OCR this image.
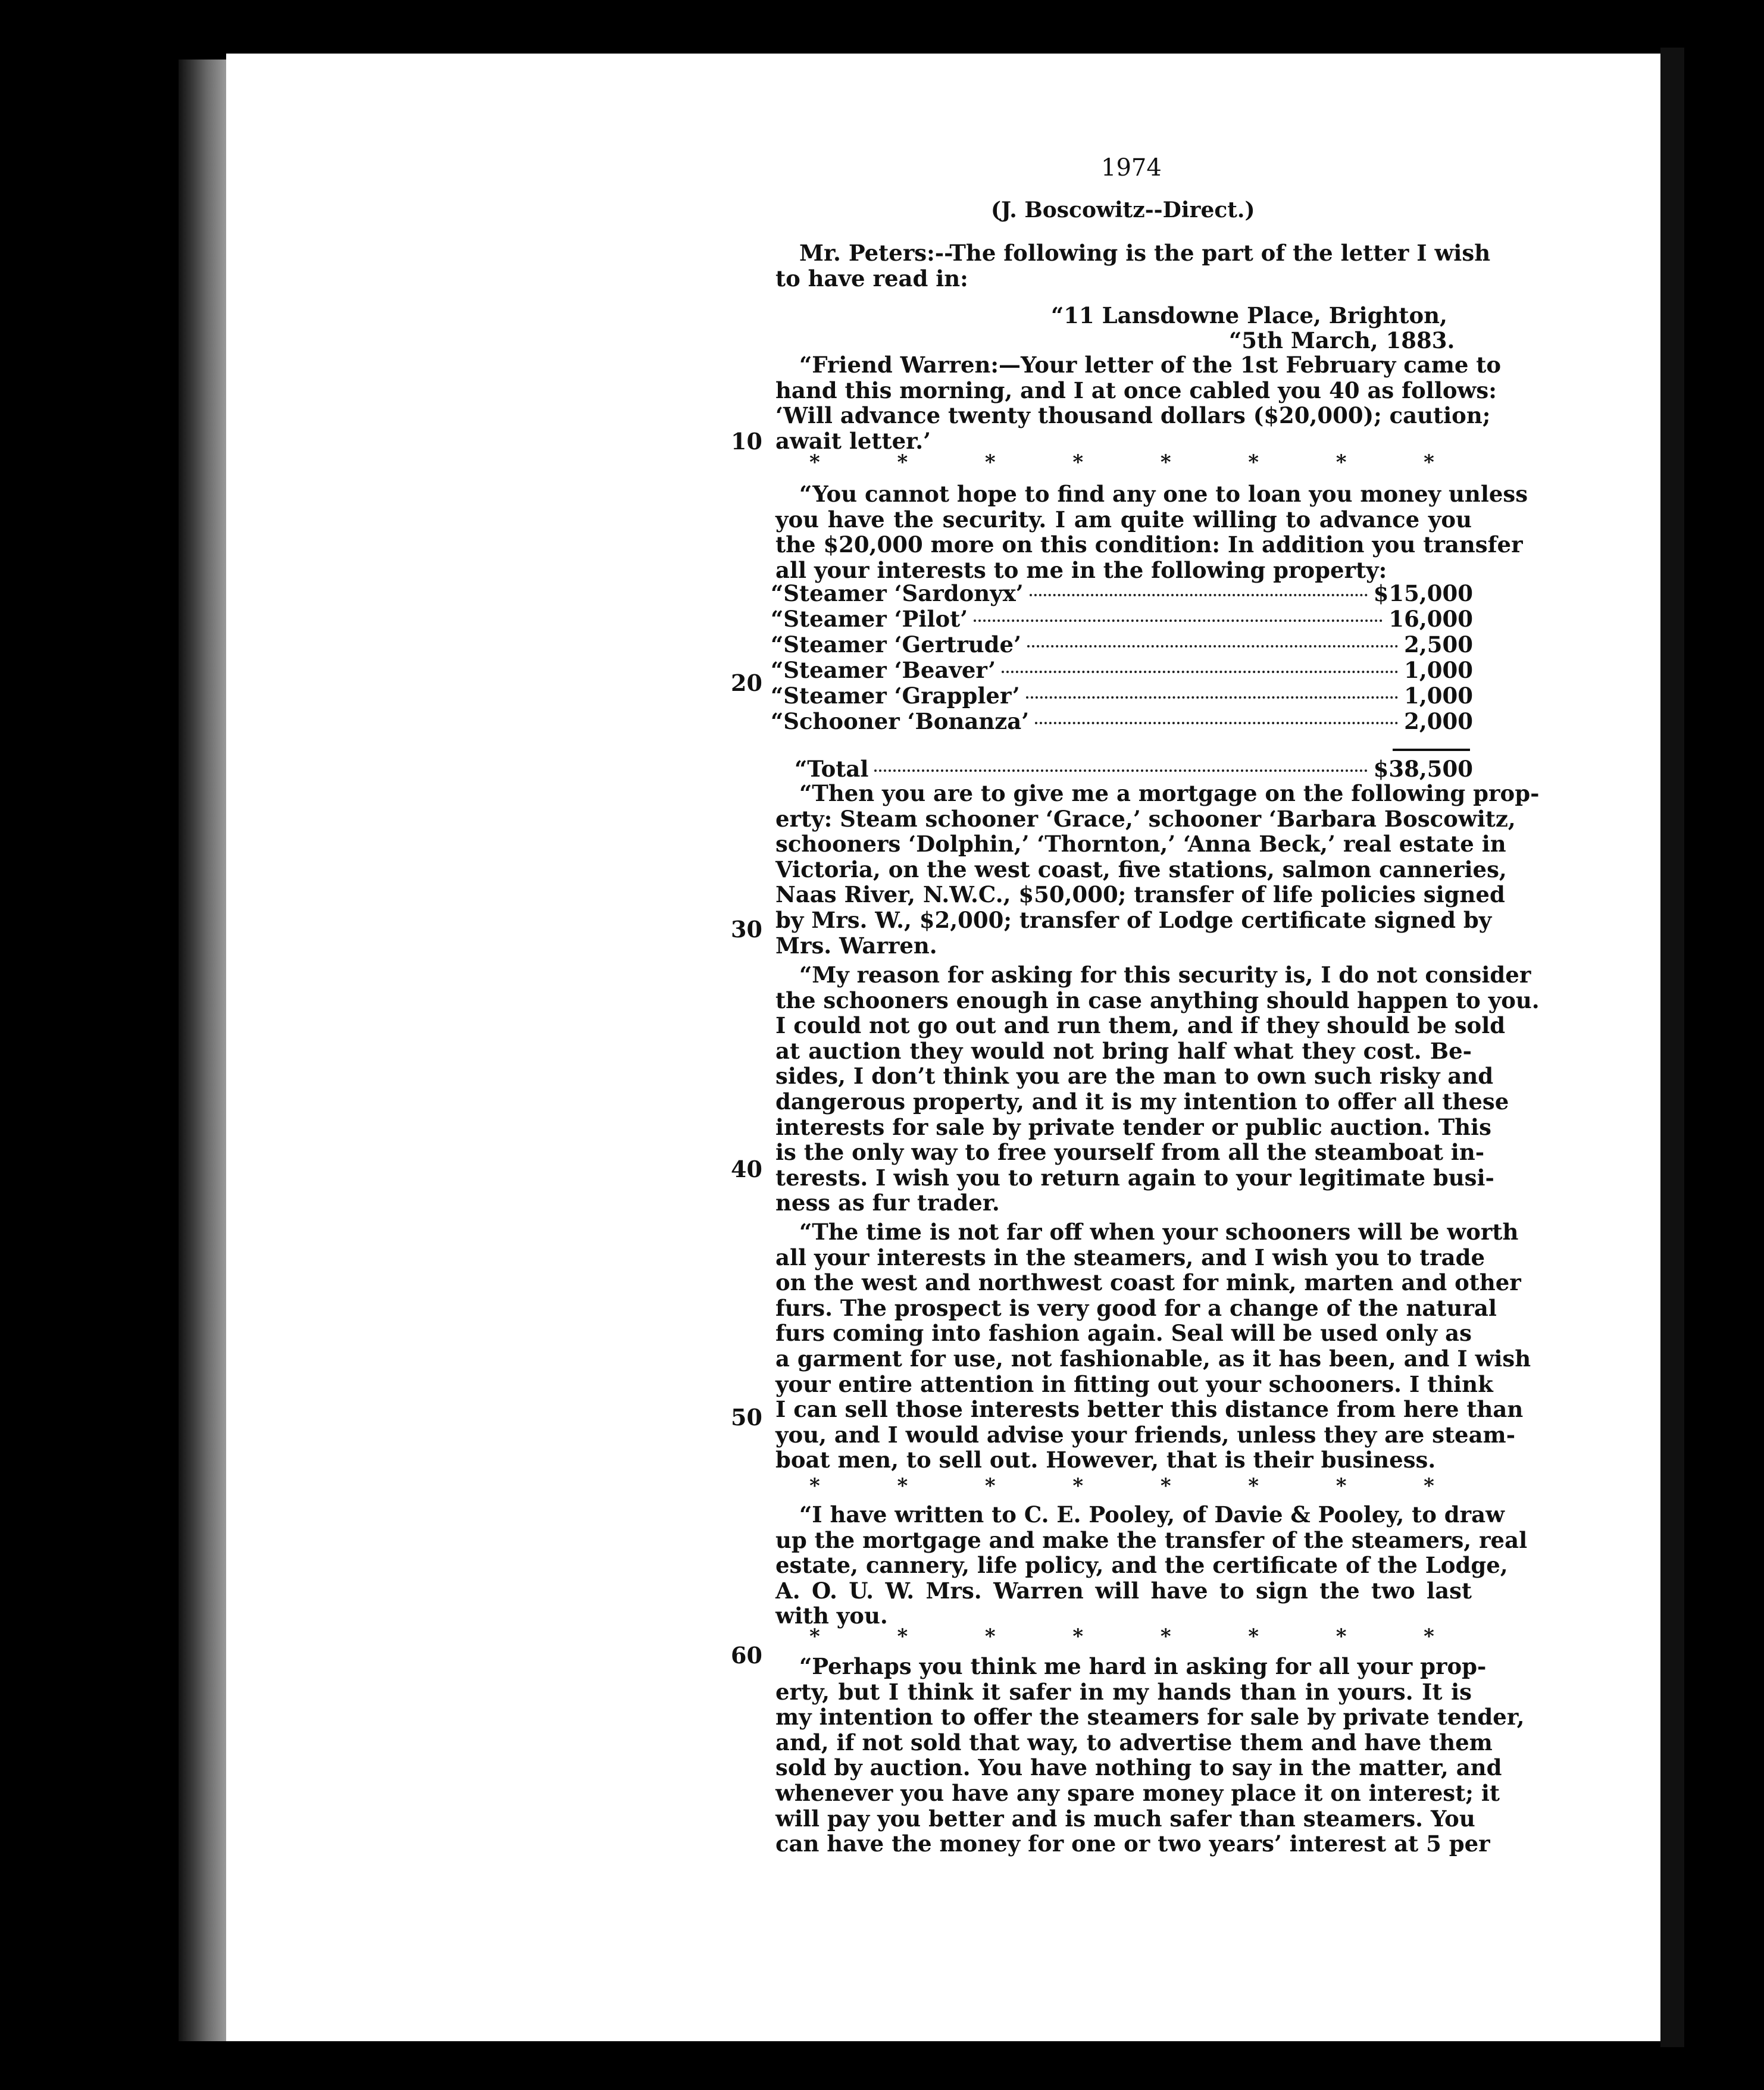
1974
(J. Boscowitz--Direct.)
Mr. Peters:--The following is the part of the letter I wish
to have read in:
“11 Lansdowne Place, Brighton,
“5th March, 1883.
“Friend Warren:—Your letter of the 1st February came to
hand this morning, and I at once cabled you 40 as follows:
‘Will advance twenty thousand dollars ($20,000); caution;
await letter.’
*	*	*	*	*	*	*	*
“You cannot hope to find any one to loan you money unless
you have the security. I am quite willing to advance you
the $20,000 more on this condition: In addition you transfer
all your interests to me in the following property:
“Steamer ‘Sardonyx’	$15,000
“Steamer ‘Pilot’	16,000
“Steamer ‘Gertrude’	2,500
“Steamer ‘Beaver’	1,000
“Steamer ‘Grappler’	1,000
“Schooner ‘Bonanza’	2,000
“Total	$38,500
“Then you are to give me a mortgage on the following prop-
erty: Steam schooner ‘Grace,’ schooner ‘Barbara Boscowitz,
schooners ‘Dolphin,’ ‘Thornton,’ ‘Anna Beck,’ real estate in
Victoria, on the west coast, five stations, salmon canneries,
Naas River, N.W.C., $50,000; transfer of life policies signed
by Mrs. W., $2,000; transfer of Lodge certificate signed by
Mrs. Warren.
“My reason for asking for this security is, I do not consider
the schooners enough in case anything should happen to you.
I could not go out and run them, and if they should be sold
at auction they would not bring half what they cost. Be-
sides, I don’t think you are the man to own such risky and
dangerous property, and it is my intention to offer all these
interests for sale by private tender or public auction. This
is the only way to free yourself from all the steamboat in-
terests. I wish you to return again to your legitimate busi-
ness as fur trader.
“The time is not far off when your schooners will be worth
all your interests in the steamers, and I wish you to trade
on the west and northwest coast for mink, marten and other
furs. The prospect is very good for a change of the natural
furs coming into fashion again. Seal will be used only as
a garment for use, not fashionable, as it has been, and I wish
your entire attention in fitting out your schooners. I think
I can sell those interests better this distance from here than
you, and I would advise your friends, unless they are steam-
boat men, to sell out. However, that is their business.
*	*	*	*	*	*	*	*
“I have written to C. E. Pooley, of Davie & Pooley, to draw
up the mortgage and make the transfer of the steamers, real
estate, cannery, life policy, and the certificate of the Lodge,
A. O. U. W. Mrs. Warren will have to sign the two last
with you.
*	*	*	*	*	*	*	*
“Perhaps you think me hard in asking for all your prop-
erty, but I think it safer in my hands than in yours. It is
my intention to offer the steamers for sale by private tender,
and, if not sold that way, to advertise them and have them
sold by auction. You have nothing to say in the matter, and
whenever you have any spare money place it on interest; it
will pay you better and is much safer than steamers. You
can have the money for one or two years’ interest at 5 per
10
20
30
40
50
60
